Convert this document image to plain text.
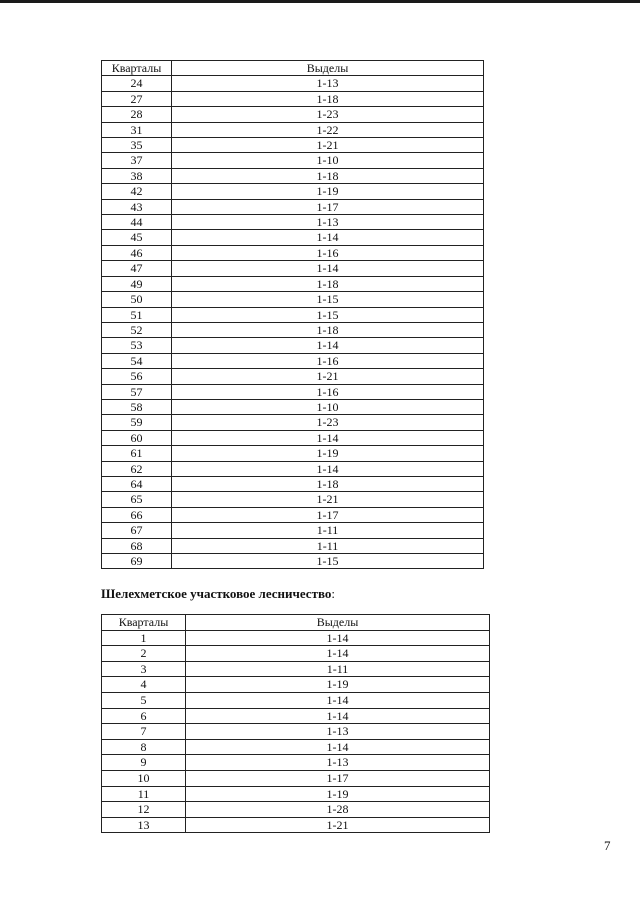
Кварталы	Выделы
24	1-13
27	1-18
28	1-23
31	1-22
35	1-21
37	1-10
38	1-18
42	1-19
43	1-17
44	1-13
45	1-14
46	1-16
47	1-14
49	1-18
50	1-15
51	1-15
52	1-18
53	1-14
54	1-16
56	1-21
57	1-16
58	1-10
59	1-23
60	1-14
61	1-19
62	1-14
64	1-18
65	1-21
66	1-17
67	1-11
68	1-11
69	1-15
Шелехметское участковое лесничество:
Кварталы	Выделы
1	1-14
2	1-14
3	1-11
4	1-19
5	1-14
6	1-14
7	1-13
8	1-14
9	1-13
10	1-17
11	1-19
12	1-28
13	1-21
7
